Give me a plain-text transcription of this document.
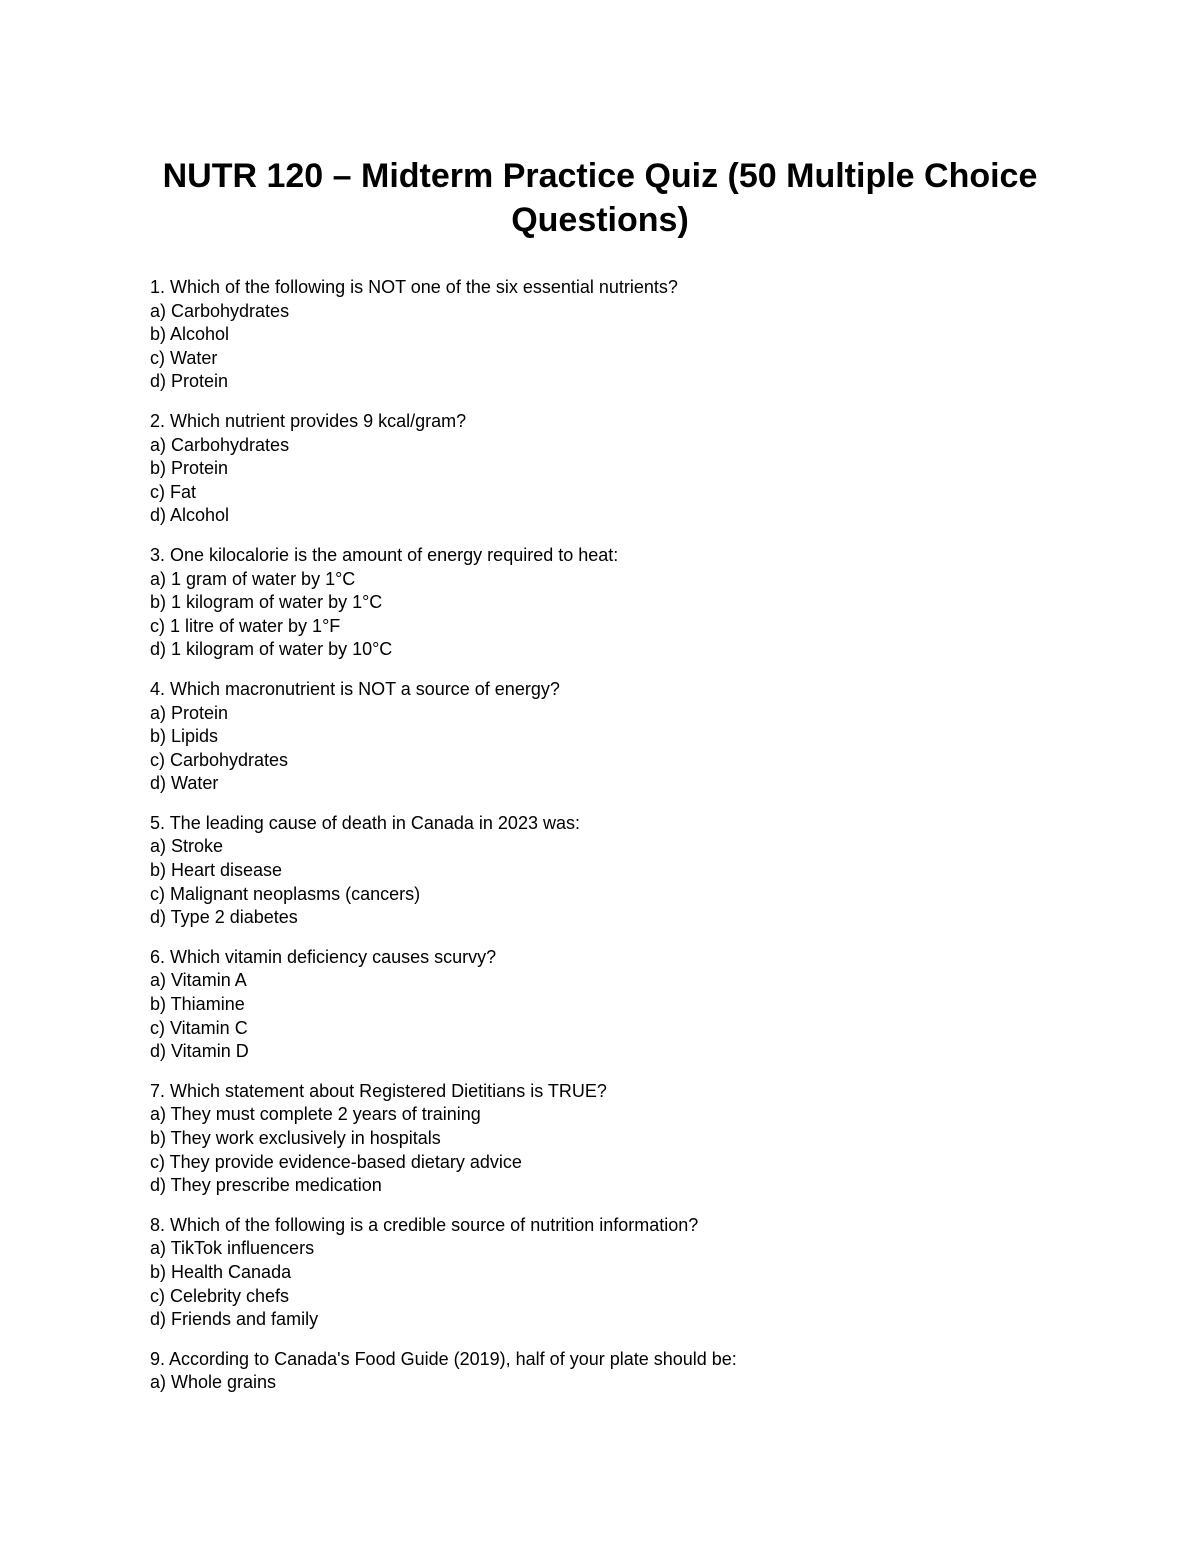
NUTR 120 – Midterm Practice Quiz (50 Multiple Choice Questions)
1. Which of the following is NOT one of the six essential nutrients?
a) Carbohydrates
b) Alcohol
c) Water
d) Protein
2. Which nutrient provides 9 kcal/gram?
a) Carbohydrates
b) Protein
c) Fat
d) Alcohol
3. One kilocalorie is the amount of energy required to heat:
a) 1 gram of water by 1°C
b) 1 kilogram of water by 1°C
c) 1 litre of water by 1°F
d) 1 kilogram of water by 10°C
4. Which macronutrient is NOT a source of energy?
a) Protein
b) Lipids
c) Carbohydrates
d) Water
5. The leading cause of death in Canada in 2023 was:
a) Stroke
b) Heart disease
c) Malignant neoplasms (cancers)
d) Type 2 diabetes
6. Which vitamin deficiency causes scurvy?
a) Vitamin A
b) Thiamine
c) Vitamin C
d) Vitamin D
7. Which statement about Registered Dietitians is TRUE?
a) They must complete 2 years of training
b) They work exclusively in hospitals
c) They provide evidence-based dietary advice
d) They prescribe medication
8. Which of the following is a credible source of nutrition information?
a) TikTok influencers
b) Health Canada
c) Celebrity chefs
d) Friends and family
9. According to Canada's Food Guide (2019), half of your plate should be:
a) Whole grains
